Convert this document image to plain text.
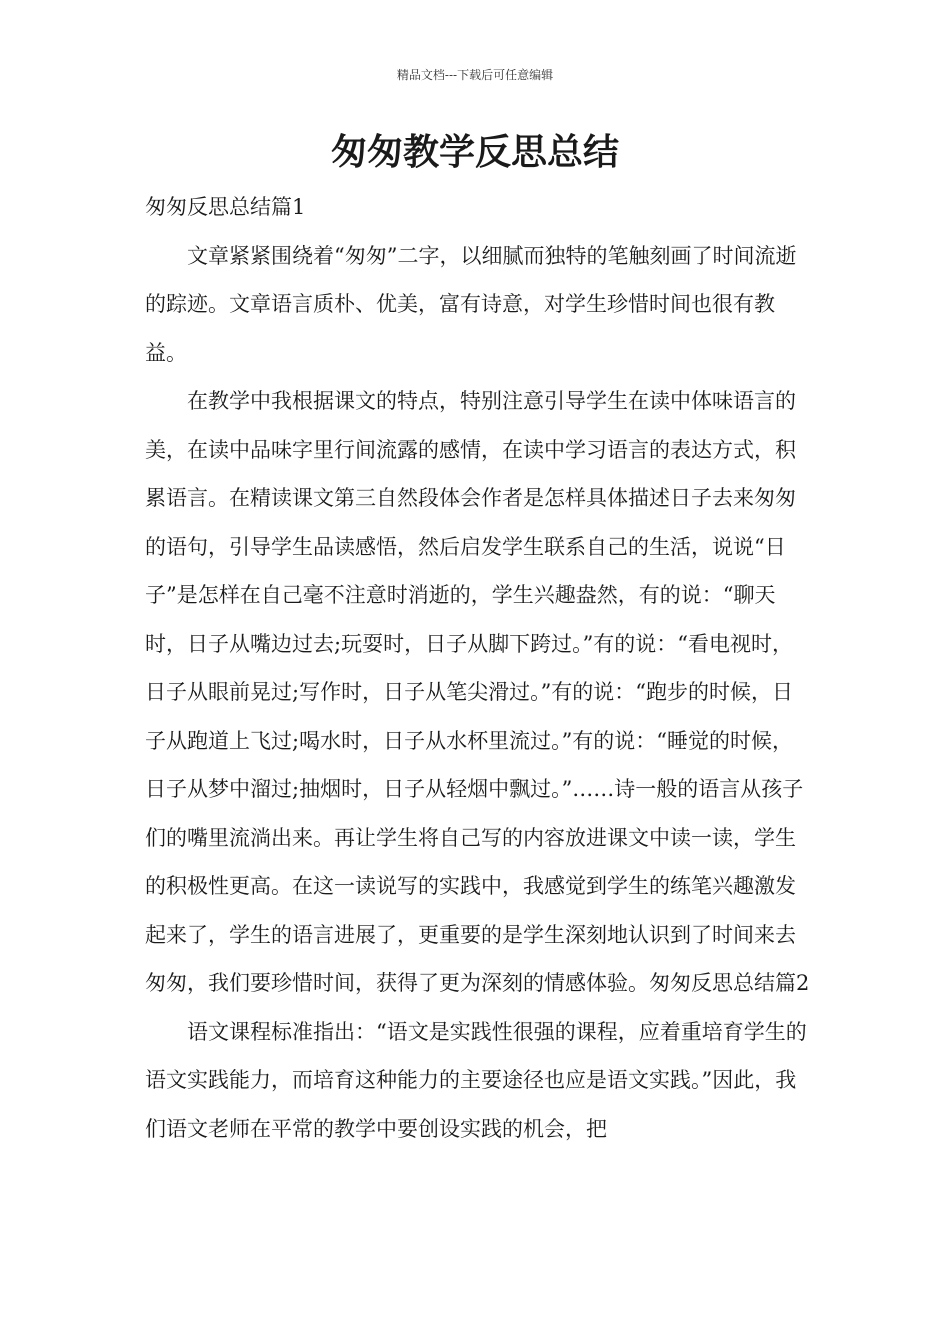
精品文档---下载后可任意编辑
匆匆教学反思总结

匆匆反思总结篇1

文章紧紧围绕着“匆匆”二字，以细腻而独特的笔触刻画了时间流逝的踪迹。文章语言质朴、优美，富有诗意，对学生珍惜时间也很有教益。

在教学中我根据课文的特点，特别注意引导学生在读中体味语言的美，在读中品味字里行间流露的感情，在读中学习语言的表达方式，积累语言。在精读课文第三自然段体会作者是怎样具体描述日子去来匆匆的语句，引导学生品读感悟，然后启发学生联系自己的生活，说说“日子”是怎样在自己毫不注意时消逝的，学生兴趣盎然，有的说：“聊天时，日子从嘴边过去;玩耍时，日子从脚下跨过。”有的说：“看电视时，日子从眼前晃过;写作时，日子从笔尖滑过。”有的说：“跑步的时候，日子从跑道上飞过;喝水时，日子从水杯里流过。”有的说：“睡觉的时候，日子从梦中溜过;抽烟时，日子从轻烟中飘过。”……诗一般的语言从孩子们的嘴里流淌出来。再让学生将自己写的内容放进课文中读一读，学生的积极性更高。在这一读说写的实践中，我感觉到学生的练笔兴趣激发起来了，学生的语言进展了，更重要的是学生深刻地认识到了时间来去匆匆，我们要珍惜时间，获得了更为深刻的情感体验。匆匆反思总结篇2

语文课程标准指出：“语文是实践性很强的课程，应着重培育学生的语文实践能力，而培育这种能力的主要途径也应是语文实践。”因此，我们语文老师在平常的教学中要创设实践的机会，把
